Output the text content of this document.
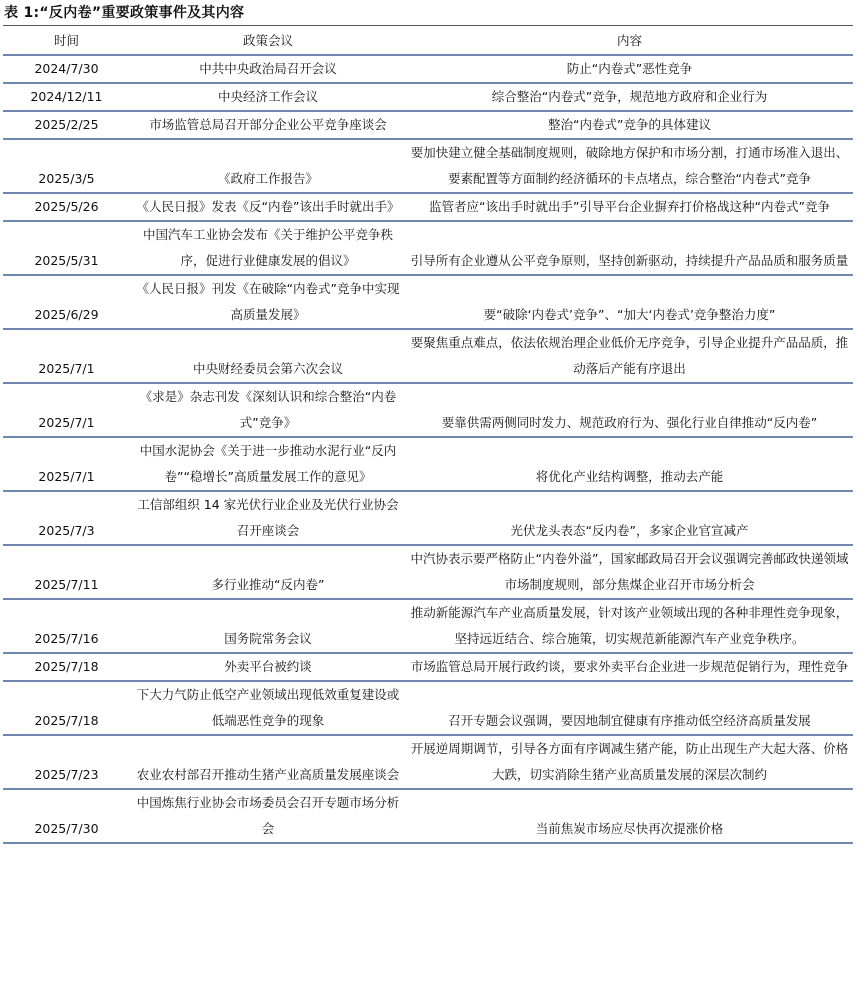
表 1:“反内卷”重要政策事件及其内容
时间	政策会议	内容
2024/7/30	中共中央政治局召开会议	防止“内卷式”恶性竞争
2024/12/11	中央经济工作会议	综合整治“内卷式”竞争，规范地方政府和企业行为
2025/2/25	市场监管总局召开部分企业公平竞争座谈会	整治“内卷式”竞争的具体建议
2025/3/5	《政府工作报告》	要加快建立健全基础制度规则，破除地方保护和市场分割，打通市场准入退出、要素配置等方面制约经济循环的卡点堵点，综合整治“内卷式”竞争
2025/5/26	《人民日报》发表《反“内卷”该出手时就出手》	监管者应“该出手时就出手”引导平台企业摒弃打价格战这种“内卷式”竞争
2025/5/31	中国汽车工业协会发布《关于维护公平竞争秩序，促进行业健康发展的倡议》	引导所有企业遵从公平竞争原则，坚持创新驱动，持续提升产品品质和服务质量
2025/6/29	《人民日报》刊发《在破除“内卷式”竞争中实现高质量发展》	要“破除‘内卷式’竞争”、“加大‘内卷式’竞争整治力度”
2025/7/1	中央财经委员会第六次会议	要聚焦重点难点，依法依规治理企业低价无序竞争，引导企业提升产品品质，推动落后产能有序退出
2025/7/1	《求是》杂志刊发《深刻认识和综合整治“内卷式”竞争》	要靠供需两侧同时发力、规范政府行为、强化行业自律推动“反内卷”
2025/7/1	中国水泥协会《关于进一步推动水泥行业“反内卷”“稳增长”高质量发展工作的意见》	将优化产业结构调整，推动去产能
2025/7/3	工信部组织 14 家光伏行业企业及光伏行业协会召开座谈会	光伏龙头表态“反内卷”，多家企业官宣减产
2025/7/11	多行业推动“反内卷”	中汽协表示要严格防止“内卷外溢”，国家邮政局召开会议强调完善邮政快递领域市场制度规则，部分焦煤企业召开市场分析会
2025/7/16	国务院常务会议	推动新能源汽车产业高质量发展，针对该产业领域出现的各种非理性竞争现象，坚持远近结合、综合施策，切实规范新能源汽车产业竞争秩序。
2025/7/18	外卖平台被约谈	市场监管总局开展行政约谈，要求外卖平台企业进一步规范促销行为，理性竞争
2025/7/18	下大力气防止低空产业领域出现低效重复建设或低端恶性竞争的现象	召开专题会议强调，要因地制宜健康有序推动低空经济高质量发展
2025/7/23	农业农村部召开推动生猪产业高质量发展座谈会	开展逆周期调节，引导各方面有序调减生猪产能，防止出现生产大起大落、价格大跌，切实消除生猪产业高质量发展的深层次制约
2025/7/30	中国炼焦行业协会市场委员会召开专题市场分析会	当前焦炭市场应尽快再次提涨价格
